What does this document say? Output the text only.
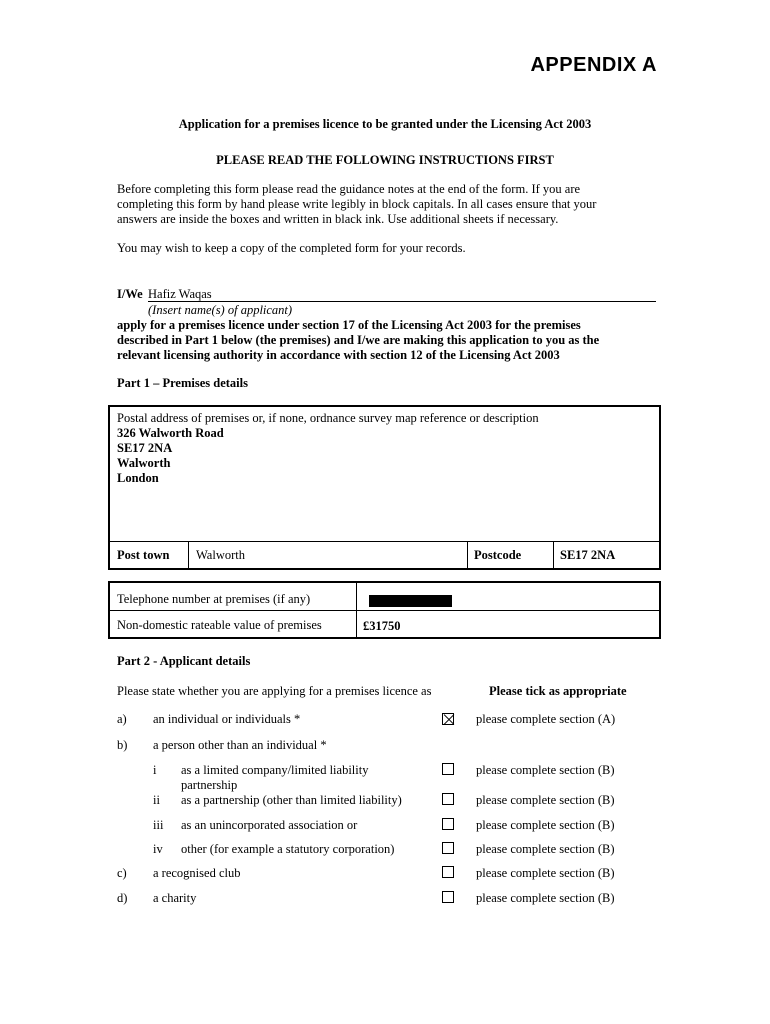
APPENDIX A
Application for a premises licence to be granted under the Licensing Act 2003
PLEASE READ THE FOLLOWING INSTRUCTIONS FIRST
Before completing this form please read the guidance notes at the end of the form. If you are
completing this form by hand please write legibly in block capitals. In all cases ensure that your
answers are inside the boxes and written in black ink. Use additional sheets if necessary.
You may wish to keep a copy of the completed form for your records.
I/We Hafiz Waqas
(Insert name(s) of applicant)
apply for a premises licence under section 17 of the Licensing Act 2003 for the premises
described in Part 1 below (the premises) and I/we are making this application to you as the
relevant licensing authority in accordance with section 12 of the Licensing Act 2003
Part 1 – Premises details
Postal address of premises or, if none, ordnance survey map reference or description
326 Walworth Road
SE17 2NA
Walworth
London
Post town Walworth	Postcode	SE17 2NA
Telephone number at premises (if any)
Non-domestic rateable value of premises	£31750
Part 2 - Applicant details
Please state whether you are applying for a premises licence as	Please tick as appropriate
a) an individual or individuals *	please complete section (A)
b) a person other than an individual *
i as a limited company/limited liability
partnership
please complete section (B)
ii as a partnership (other than limited liability)	please complete section (B)
iii as an unincorporated association or	please complete section (B)
iv other (for example a statutory corporation)	please complete section (B)
c) a recognised club	please complete section (B)
d) a charity	please complete section (B)
